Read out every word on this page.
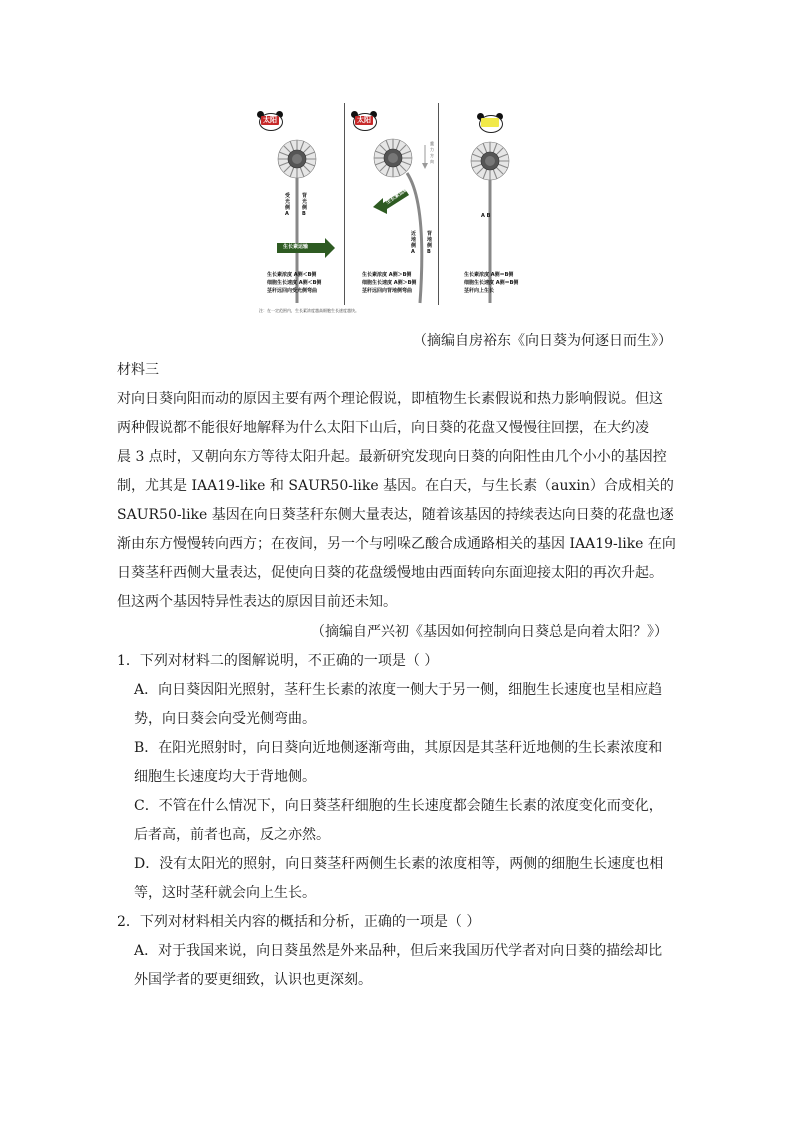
太阳
受光侧A
背光侧B
生长素运输
生长素浓度 A侧＜B侧
细胞生长速度 A侧＜B侧
茎秆远回向受光侧弯曲
太阳
重力方向
生长素运输
近地侧A
背地侧B
生长素浓度 A侧＞B侧
细胞生长速度 A侧＞B侧
茎秆远回向背地侧弯曲
太阳
A B
生长素浓度 A侧＝B侧
细胞生长速度 A侧＝B侧
茎秆向上生长
注：在一定范围内，生长素浓度越高细胞生长速度越快。
（摘编自房裕东《向日葵为何逐日而生》）
材料三
对向日葵向阳而动的原因主要有两个理论假说，即植物生长素假说和热力影响假说。但这
两种假说都不能很好地解释为什么太阳下山后，向日葵的花盘又慢慢往回摆，在大约凌
晨 3 点时，又朝向东方等待太阳升起。最新研究发现向日葵的向阳性由几个小小的基因控
制，尤其是 IAA19-like 和 SAUR50-like 基因。在白天，与生长素（auxin）合成相关的
SAUR50-like 基因在向日葵茎秆东侧大量表达，随着该基因的持续表达向日葵的花盘也逐
渐由东方慢慢转向西方；在夜间，另一个与吲哚乙酸合成通路相关的基因 IAA19-like 在向
日葵茎秆西侧大量表达，促使向日葵的花盘缓慢地由西面转向东面迎接太阳的再次升起。
但这两个基因特异性表达的原因目前还未知。
（摘编自严兴初《基因如何控制向日葵总是向着太阳？》）
1．下列对材料二的图解说明，不正确的一项是（ ）
A．向日葵因阳光照射，茎秆生长素的浓度一侧大于另一侧，细胞生长速度也呈相应趋
势，向日葵会向受光侧弯曲。
B．在阳光照射时，向日葵向近地侧逐渐弯曲，其原因是其茎秆近地侧的生长素浓度和
细胞生长速度均大于背地侧。
C．不管在什么情况下，向日葵茎秆细胞的生长速度都会随生长素的浓度变化而变化，
后者高，前者也高，反之亦然。
D．没有太阳光的照射，向日葵茎秆两侧生长素的浓度相等，两侧的细胞生长速度也相
等，这时茎秆就会向上生长。
2．下列对材料相关内容的概括和分析，正确的一项是（ ）
A．对于我国来说，向日葵虽然是外来品种，但后来我国历代学者对向日葵的描绘却比
外国学者的要更细致，认识也更深刻。
